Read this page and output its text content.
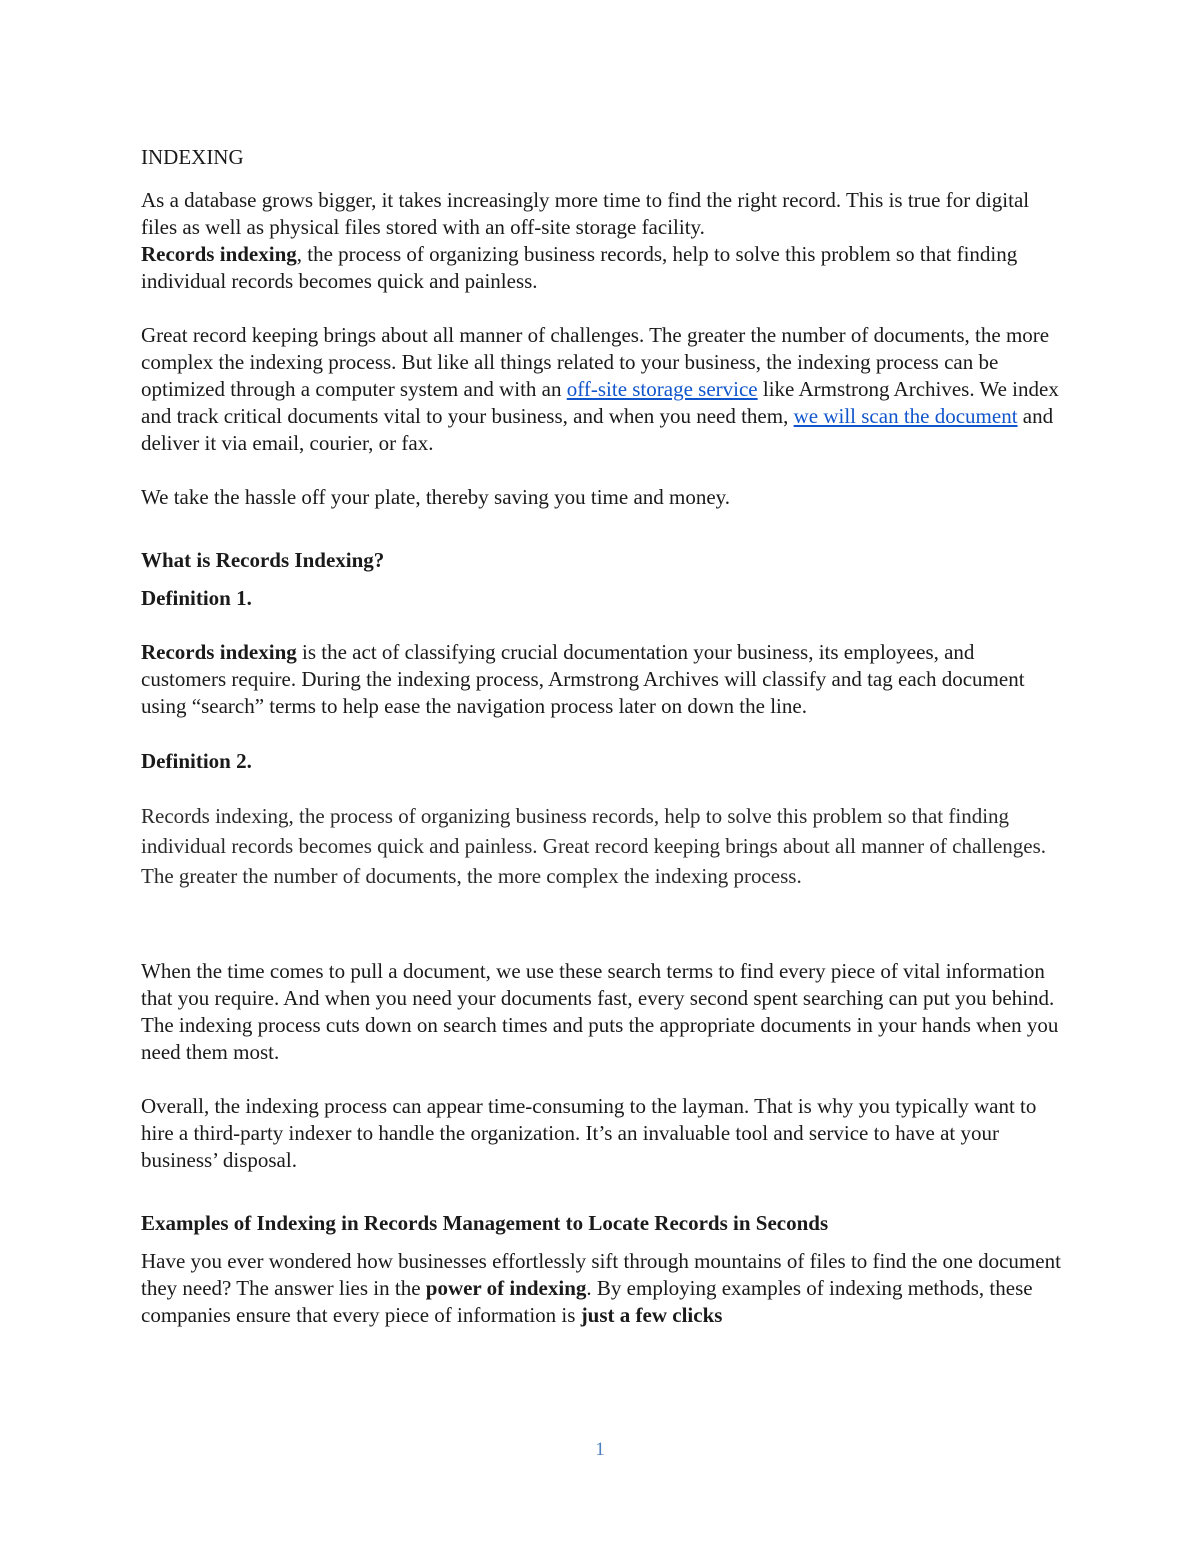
INDEXING

As a database grows bigger, it takes increasingly more time to find the right record. This is true for digital files as well as physical files stored with an off-site storage facility.

Records indexing, the process of organizing business records, help to solve this problem so that finding individual records becomes quick and painless.

Great record keeping brings about all manner of challenges. The greater the number of documents, the more complex the indexing process. But like all things related to your business, the indexing process can be optimized through a computer system and with an off-site storage service like Armstrong Archives. We index and track critical documents vital to your business, and when you need them, we will scan the document and deliver it via email, courier, or fax.

We take the hassle off your plate, thereby saving you time and money.

What is Records Indexing?

Definition 1.

Records indexing is the act of classifying crucial documentation your business, its employees, and customers require. During the indexing process, Armstrong Archives will classify and tag each document using “search” terms to help ease the navigation process later on down the line.

Definition 2.

Records indexing, the process of organizing business records, help to solve this problem so that finding individual records becomes quick and painless. Great record keeping brings about all manner of challenges. The greater the number of documents, the more complex the indexing process.

When the time comes to pull a document, we use these search terms to find every piece of vital information that you require. And when you need your documents fast, every second spent searching can put you behind. The indexing process cuts down on search times and puts the appropriate documents in your hands when you need them most.

Overall, the indexing process can appear time-consuming to the layman. That is why you typically want to hire a third-party indexer to handle the organization. It’s an invaluable tool and service to have at your business’ disposal.

Examples of Indexing in Records Management to Locate Records in Seconds

Have you ever wondered how businesses effortlessly sift through mountains of files to find the one document they need? The answer lies in the power of indexing. By employing examples of indexing methods, these companies ensure that every piece of information is just a few clicks

1
